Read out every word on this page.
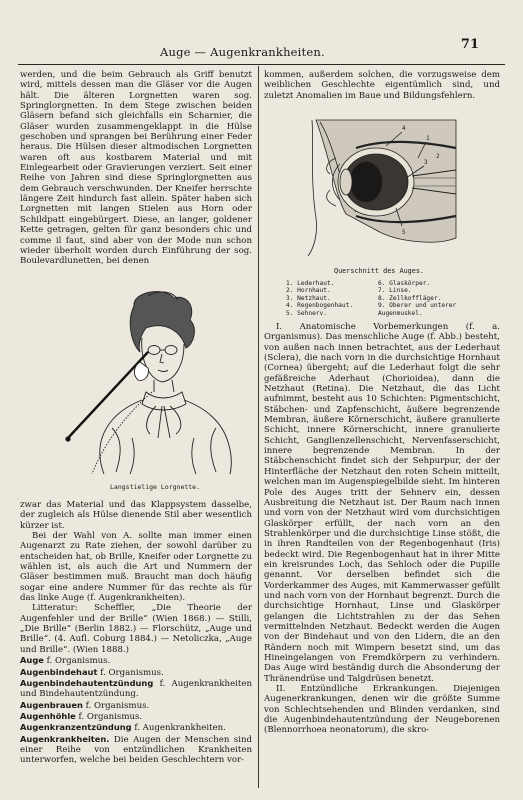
Auge — Augenkrankheiten.	71

werden, und die beim Gebrauch als Griff benutzt wird, mittels dessen man die Gläser vor die Augen hält. Die älteren Lorgnetten waren sog. Springlorgnetten. In dem Stege zwischen beiden Gläsern befand sich gleichfalls ein Scharnier, die Gläser wurden zusammengeklappt in die Hülse geschoben und sprangen bei Berührung einer Feder heraus. Die Hülsen dieser altmodischen Lorgnetten waren oft aus kostbarem Material und mit Einlegearbeit oder Gravierungen verziert. Seit einer Reihe von Jahren sind diese Springlorgnetten aus dem Gebrauch verschwunden. Der Kneifer herrschte längere Zeit hindurch fast allein. Später haben sich Lorgnetten mit langen Stielen aus Horn oder Schildpatt eingebürgert. Diese, an langer, goldener Kette getragen, gelten für ganz besonders chic und comme il faut, sind aber von der Mode nun schon wieder überholt worden durch Einführung der sog. Boulevardlunetten, bei denen

Langstielige Lorgnette.

zwar das Material und das Klappsystem dasselbe, der zugleich als Hülse dienende Stil aber wesentlich kürzer ist.

Bei der Wahl von A. sollte man immer einen Augenarzt zu Rate ziehen, der sowohl darüber zu entscheiden hat, ob Brille, Kneifer oder Lorgnette zu wählen ist, als auch die Art und Nummern der Gläser bestimmen muß. Braucht man doch häufig sogar eine andere Nummer für das rechte als für das linke Auge (f. Augenkrankheiten).

Litteratur: Scheffler, „Die Theorie der Augenfehler und der Brille“ (Wien 1868.) — Stilli, „Die Brille“ (Berlin 1882.) — Florschütz, „Auge und Brille“. (4. Aufl. Coburg 1884.) — Netoliczka, „Auge und Brille“. (Wien 1888.)

Auge f. Organismus.

Augenbindehaut f. Organismus.

Augenbindehautentzündung f. Augenkrankheiten und Bindehautentzündung.

Augenbrauen f. Organismus.

Augenhöhle f. Organismus.

Augenkranzentzündung f. Augenkrankheiten.

Augenkrankheiten. Die Augen der Menschen sind einer Reihe von entzündlichen Krankheiten unterworfen, welche bei beiden Geschlechtern vor-

kommen, außerdem solchen, die vorzugsweise dem weiblichen Geschlechte eigentümlich sind, und zuletzt Anomalien im Baue und Bildungsfehlern.

4
1
2
5
3
Querschnitt des Auges.
1. Lederhaut.
2. Hornhaut.
3. Netzhaut.
4. Regenbogenhaut.
5. Sehnerv.
6. Glaskörper.
7. Linse.
8. Zellkoffläger.
9. Oberer und unterer Augenmuskel.

I. Anatomische Vorbemerkungen (f. a. Organismus). Das menschliche Auge (f. Abb.) besteht, von außen nach innen betrachtet, aus der Lederhaut (Sclera), die nach vorn in die durchsichtige Hornhaut (Cornea) übergeht; auf die Lederhaut folgt die sehr gefäßreiche Aderhaut (Chorioidea), dann die Netzhaut (Retina). Die Netzhaut, die das Licht aufnimmt, besteht aus 10 Schichten: Pigmentschicht, Stäbchen- und Zapfenschicht, äußere begrenzende Membran, äußere Körnerschicht, äußere granulierte Schicht, innere Körnerschicht, innere granulierte Schicht, Ganglienzellenschicht, Nervenfaserschicht, innere begrenzende Membran. In der Stäbchenschicht findet sich der Sehpurpur, der der Hinterfläche der Netzhaut den roten Schein mitteilt, welchen man im Augenspiegelbilde sieht. Im hinteren Pole des Auges tritt der Sehnerv ein, dessen Ausbreitung die Netzhaut ist. Der Raum nach innen und vorn von der Netzhaut wird vom durchsichtigen Glaskörper erfüllt, der nach vorn an den Strahlenkörper und die durchsichtige Linse stößt, die in ihren Randteilen von der Regenbogenhaut (Iris) bedeckt wird. Die Regenbogenhaut hat in ihrer Mitte ein kreisrundes Loch, das Sehloch oder die Pupille genannt. Vor derselben befindet sich die Vorderkammer des Auges, mit Kammerwasser gefüllt und nach vorn von der Hornhaut begrenzt. Durch die durchsichtige Hornhaut, Linse und Glaskörper gelangen die Lichtstrahlen zu der das Sehen vermittelnden Netzhaut. Bedeckt werden die Augen von der Bindehaut und von den Lidern, die an den Rändern noch mit Wimpern besetzt sind, um das Hineingelangen von Fremdkörpern zu verhindern. Das Auge wird beständig durch die Absonderung der Thränendrüse und Talgdrüsen benetzt.

II. Entzündliche Erkrankungen. Diejenigen Augenerkrankungen, denen wir die größte Summe von Schlechtsehenden und Blinden verdanken, sind die Augenbindehautentzündung der Neugeborenen (Blennorrhoea neonatorum), die skro-
